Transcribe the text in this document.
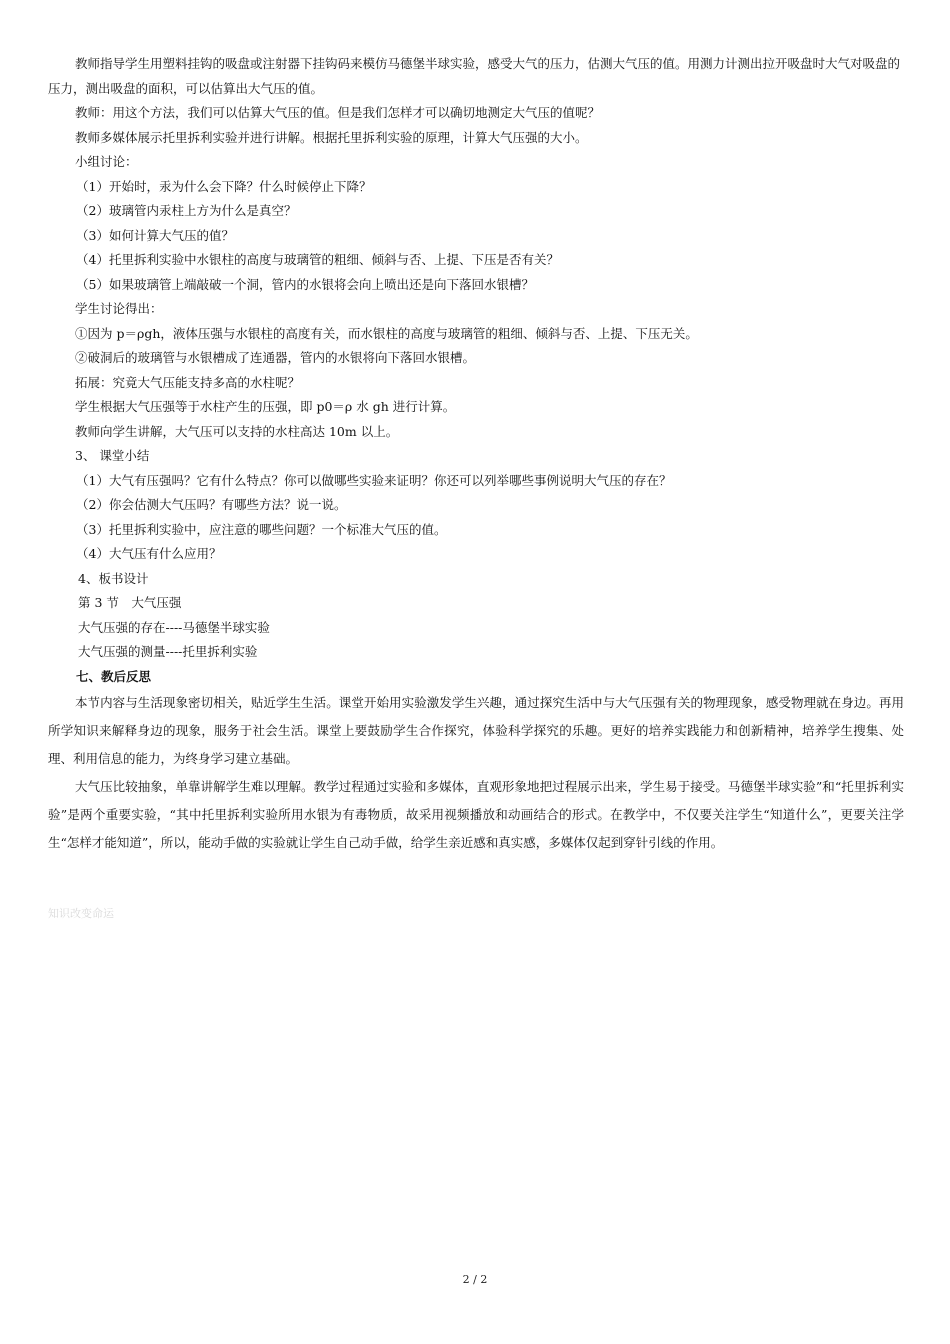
教师指导学生用塑料挂钩的吸盘或注射器下挂钩码来模仿马德堡半球实验，感受大气的压力，估测大气压的值。用测力计测出拉开吸盘时大气对吸盘的压力，测出吸盘的面积，可以估算出大气压的值。

教师：用这个方法，我们可以估算大气压的值。但是我们怎样才可以确切地测定大气压的值呢？

教师多媒体展示托里拆利实验并进行讲解。根据托里拆利实验的原理，计算大气压强的大小。

小组讨论：

（1）开始时，汞为什么会下降？什么时候停止下降？

（2）玻璃管内汞柱上方为什么是真空？

（3）如何计算大气压的值？

（4）托里拆利实验中水银柱的高度与玻璃管的粗细、倾斜与否、上提、下压是否有关？

（5）如果玻璃管上端敲破一个洞，管内的水银将会向上喷出还是向下落回水银槽？

学生讨论得出：

①因为 p＝ρgh，液体压强与水银柱的高度有关，而水银柱的高度与玻璃管的粗细、倾斜与否、上提、下压无关。

②破洞后的玻璃管与水银槽成了连通器，管内的水银将向下落回水银槽。

拓展：究竟大气压能支持多高的水柱呢？

学生根据大气压强等于水柱产生的压强，即 p0＝ρ 水 gh 进行计算。

教师向学生讲解，大气压可以支持的水柱高达 10m 以上。

3、 课堂小结

（1）大气有压强吗？它有什么特点？你可以做哪些实验来证明？你还可以列举哪些事例说明大气压的存在？

（2）你会估测大气压吗？有哪些方法？说一说。

（3）托里拆利实验中，应注意的哪些问题？一个标准大气压的值。

（4）大气压有什么应用？

4、板书设计

第 3 节　大气压强

大气压强的存在----马德堡半球实验

大气压强的测量----托里拆利实验

七、教后反思

本节内容与生活现象密切相关，贴近学生生活。课堂开始用实验激发学生兴趣，通过探究生活中与大气压强有关的物理现象，感受物理就在身边。再用所学知识来解释身边的现象，服务于社会生活。课堂上要鼓励学生合作探究，体验科学探究的乐趣。更好的培养实践能力和创新精神，培养学生搜集、处理、利用信息的能力，为终身学习建立基础。

大气压比较抽象，单靠讲解学生难以理解。教学过程通过实验和多媒体，直观形象地把过程展示出来，学生易于接受。马德堡半球实验”和“托里拆利实验”是两个重要实验，“其中托里拆利实验所用水银为有毒物质，故采用视频播放和动画结合的形式。在教学中，不仅要关注学生“知道什么”，更要关注学生“怎样才能知道”，所以，能动手做的实验就让学生自己动手做，给学生亲近感和真实感，多媒体仅起到穿针引线的作用。

知识改变命运
2 / 2
